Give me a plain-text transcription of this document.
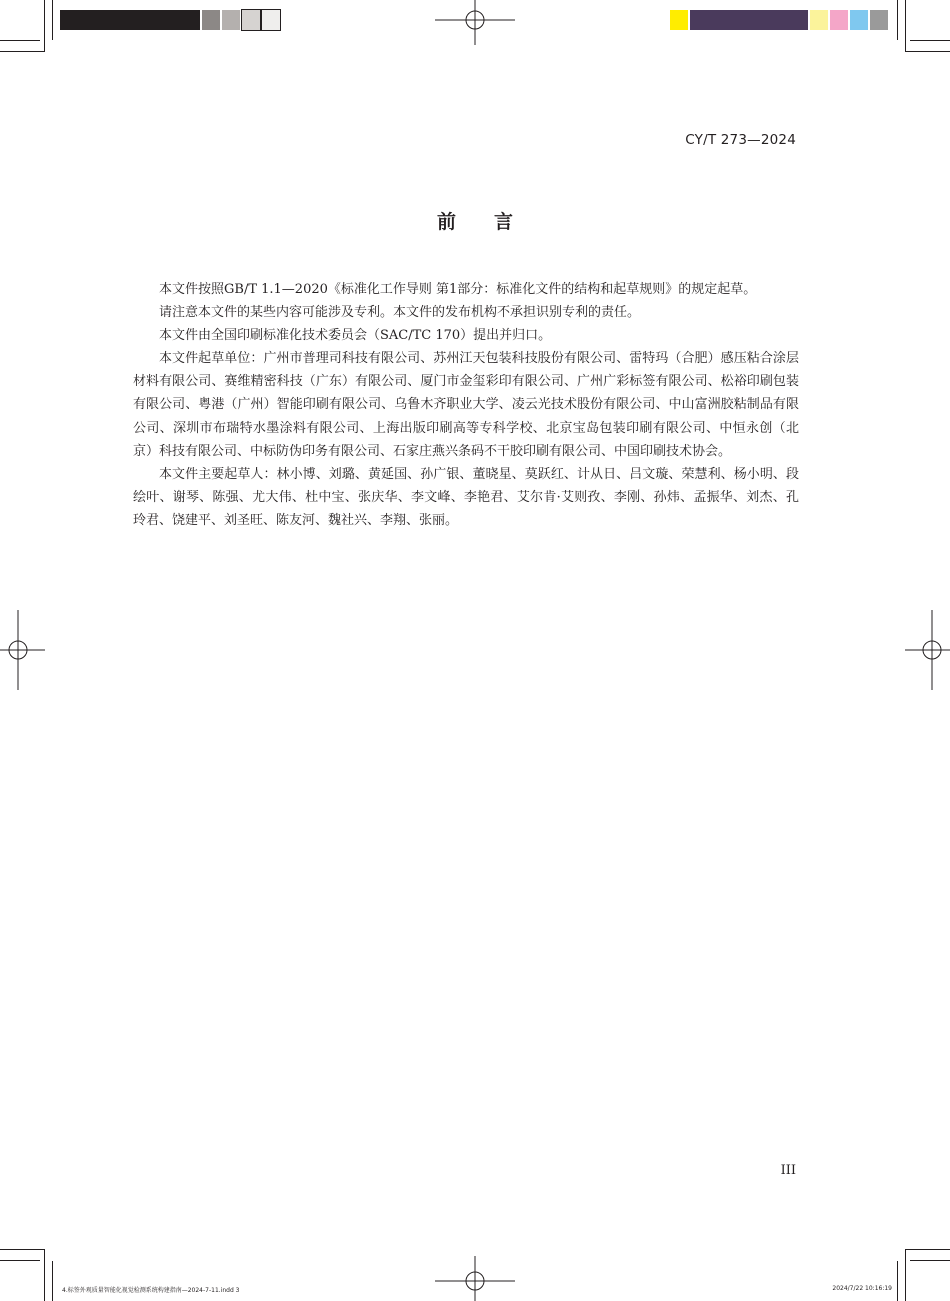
CY/T 273—2024
前言

本文件按照GB/T 1.1—2020《标准化工作导则 第1部分：标准化文件的结构和起草规则》的规定起草。

请注意本文件的某些内容可能涉及专利。本文件的发布机构不承担识别专利的责任。

本文件由全国印刷标准化技术委员会（SAC/TC 170）提出并归口。

本文件起草单位：广州市普理司科技有限公司、苏州江天包装科技股份有限公司、雷特玛（合肥）感压粘合涂层材料有限公司、赛维精密科技（广东）有限公司、厦门市金玺彩印有限公司、广州广彩标签有限公司、松裕印刷包装有限公司、粤港（广州）智能印刷有限公司、乌鲁木齐职业大学、凌云光技术股份有限公司、中山富洲胶粘制品有限公司、深圳市布瑞特水墨涂料有限公司、上海出版印刷高等专科学校、北京宝岛包装印刷有限公司、中恒永创（北京）科技有限公司、中标防伪印务有限公司、石家庄燕兴条码不干胶印刷有限公司、中国印刷技术协会。

本文件主要起草人：林小博、刘璐、黄延国、孙广银、董晓星、莫跃红、计从日、吕文璇、荣慧利、杨小明、段绘叶、谢琴、陈强、尤大伟、杜中宝、张庆华、李文峰、李艳君、艾尔肯·艾则孜、李刚、孙炜、孟振华、刘杰、孔玲君、饶建平、刘圣旺、陈友河、魏社兴、李翔、张丽。

III
4.标签外观质量智能化视觉检测系统构建指南—2024-7-11.indd 3	2024/7/22 10:16:19
